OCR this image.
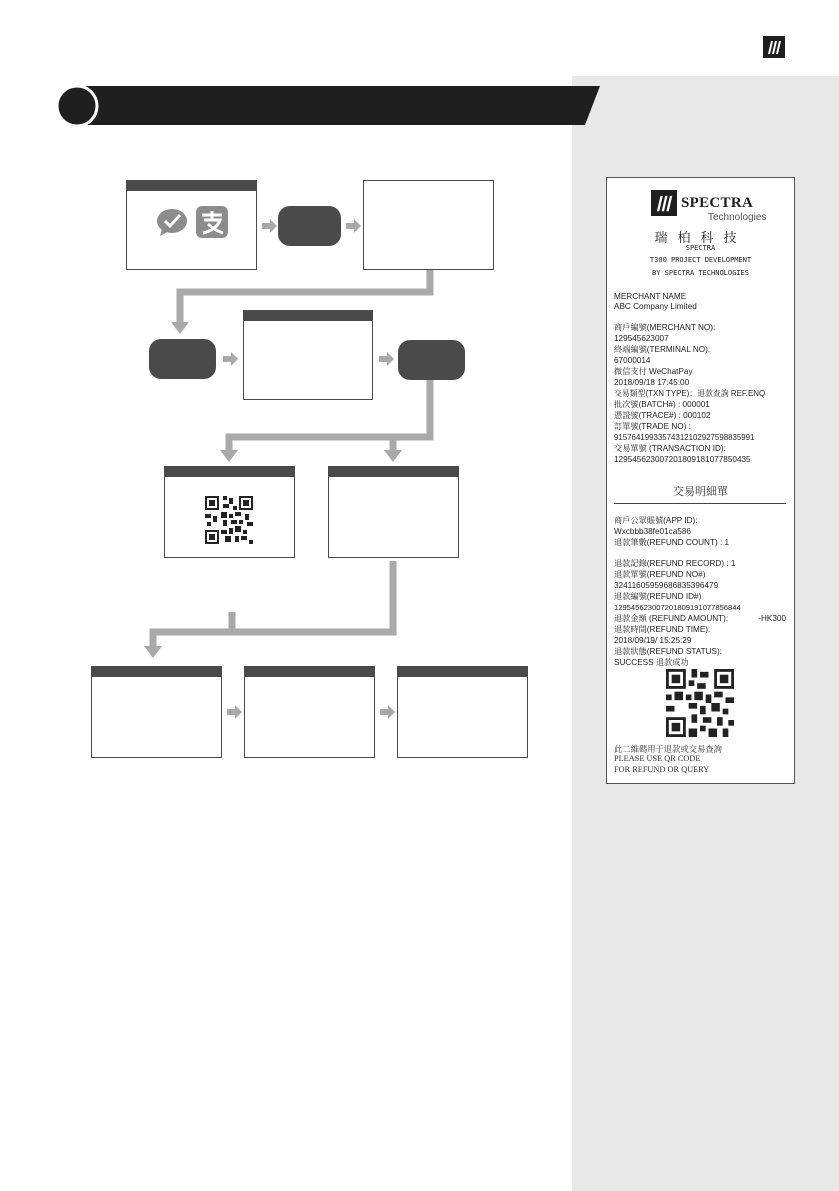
SPECTRA
Technologies
瑞柏科技
SPECTRA
T300 PROJECT DEVELOPMENT
BY SPECTRA TECHNOLOGIES
MERCHANT NAME
ABC Company Limited
商戶編號(MERCHANT NO):
129545623007
終端編號(TERMINAL NO):
67000014
微信支付 WeChatPay
2018/09/18 17:45:00
交易類型(TXN TYPE)：退款查詢 REF.ENQ
批次號(BATCH#) : 000001
憑證號(TRACE#) : 000102
訂單號(TRADE NO) :
915764199335743121029275988359​91
交易單號 (TRANSACTION ID):
129545623007201809181077850435
交易明細單
商戶公眾賬號(APP ID):
Wxcbbb38fe01ca586
退款筆數(REFUND COUNT) : 1
退款記錄(REFUND RECORD) : 1
退款單號(REFUND NO#)
3241160595968683539647​9
退款編號(REFUND ID#)
12954562300720180919107785684​4
退款金額 (REFUND AMOUNT):	-HK300
退款時間(REFUND TIME):
2018/09/19/ 15:25:29
退款狀態(REFUND STATUS):
SUCCESS 退款成功
此二維碼用于退款或交易查詢
PLEASE USE QR CODE
FOR REFUND OR QUERY
